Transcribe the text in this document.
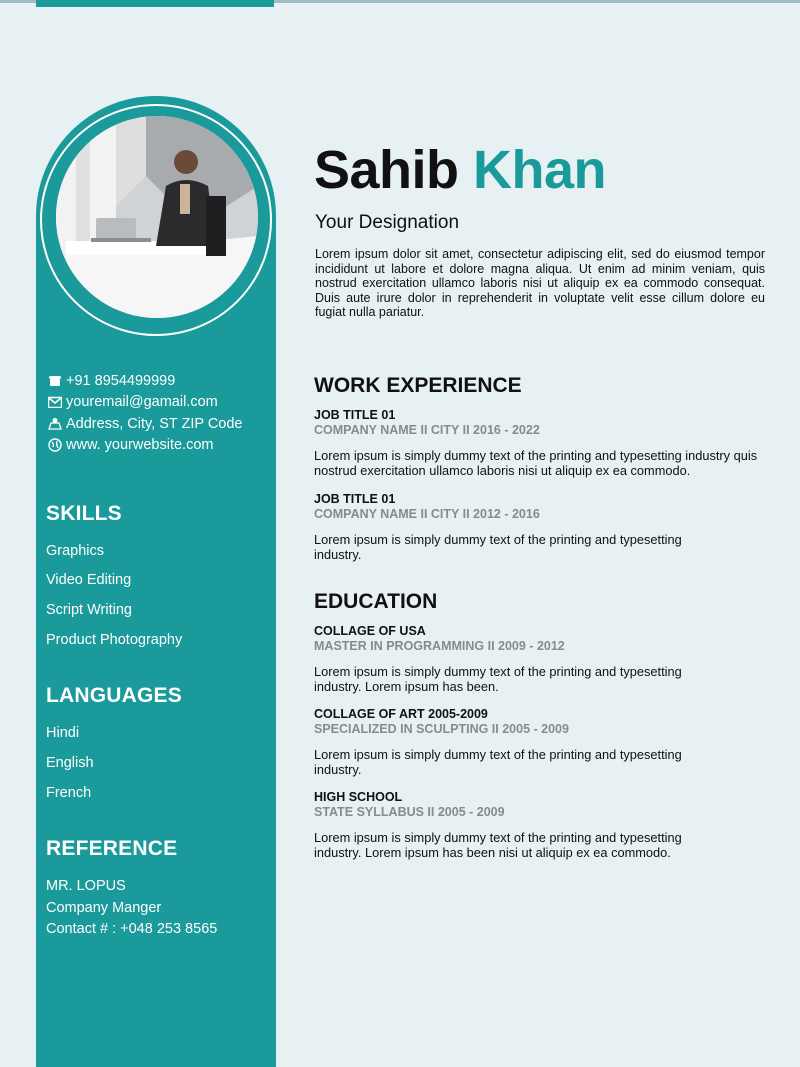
+91 8954499999
youremail@gamail.com
Address, City, ST ZIP Code
www. yourwebsite.com
SKILLS
Graphics
Video Editing
Script Writing
Product Photography
LANGUAGES
Hindi
English
French
REFERENCE
MR. LOPUS
Company Manger
Contact # : +048 253 8565
Sahib Khan
Your Designation

Lorem ipsum dolor sit amet, consectetur adipiscing elit, sed do eiusmod tempor incididunt ut labore et dolore magna aliqua. Ut enim ad minim veniam, quis nostrud exercitation ullamco laboris nisi ut aliquip ex ea commodo consequat. Duis aute irure dolor in reprehenderit in voluptate velit esse cillum dolore eu fugiat nulla pariatur.

WORK EXPERIENCE
JOB TITLE 01
COMPANY NAME II CITY II 2016 - 2022
Lorem ipsum is simply dummy text of the printing and typesetting industry quis nostrud exercitation ullamco laboris nisi ut aliquip ex ea commodo.
JOB TITLE 01
COMPANY NAME II CITY II 2012 - 2016
Lorem ipsum is simply dummy text of the printing and typesetting industry.
EDUCATION
COLLAGE OF USA
MASTER IN PROGRAMMING II 2009 - 2012
Lorem ipsum is simply dummy text of the printing and typesetting industry. Lorem ipsum has been.
COLLAGE OF ART 2005-2009
SPECIALIZED IN SCULPTING II 2005 - 2009
Lorem ipsum is simply dummy text of the printing and typesetting industry.
HIGH SCHOOL
STATE SYLLABUS II 2005 - 2009
Lorem ipsum is simply dummy text of the printing and typesetting industry. Lorem ipsum has been nisi ut aliquip ex ea commodo.
